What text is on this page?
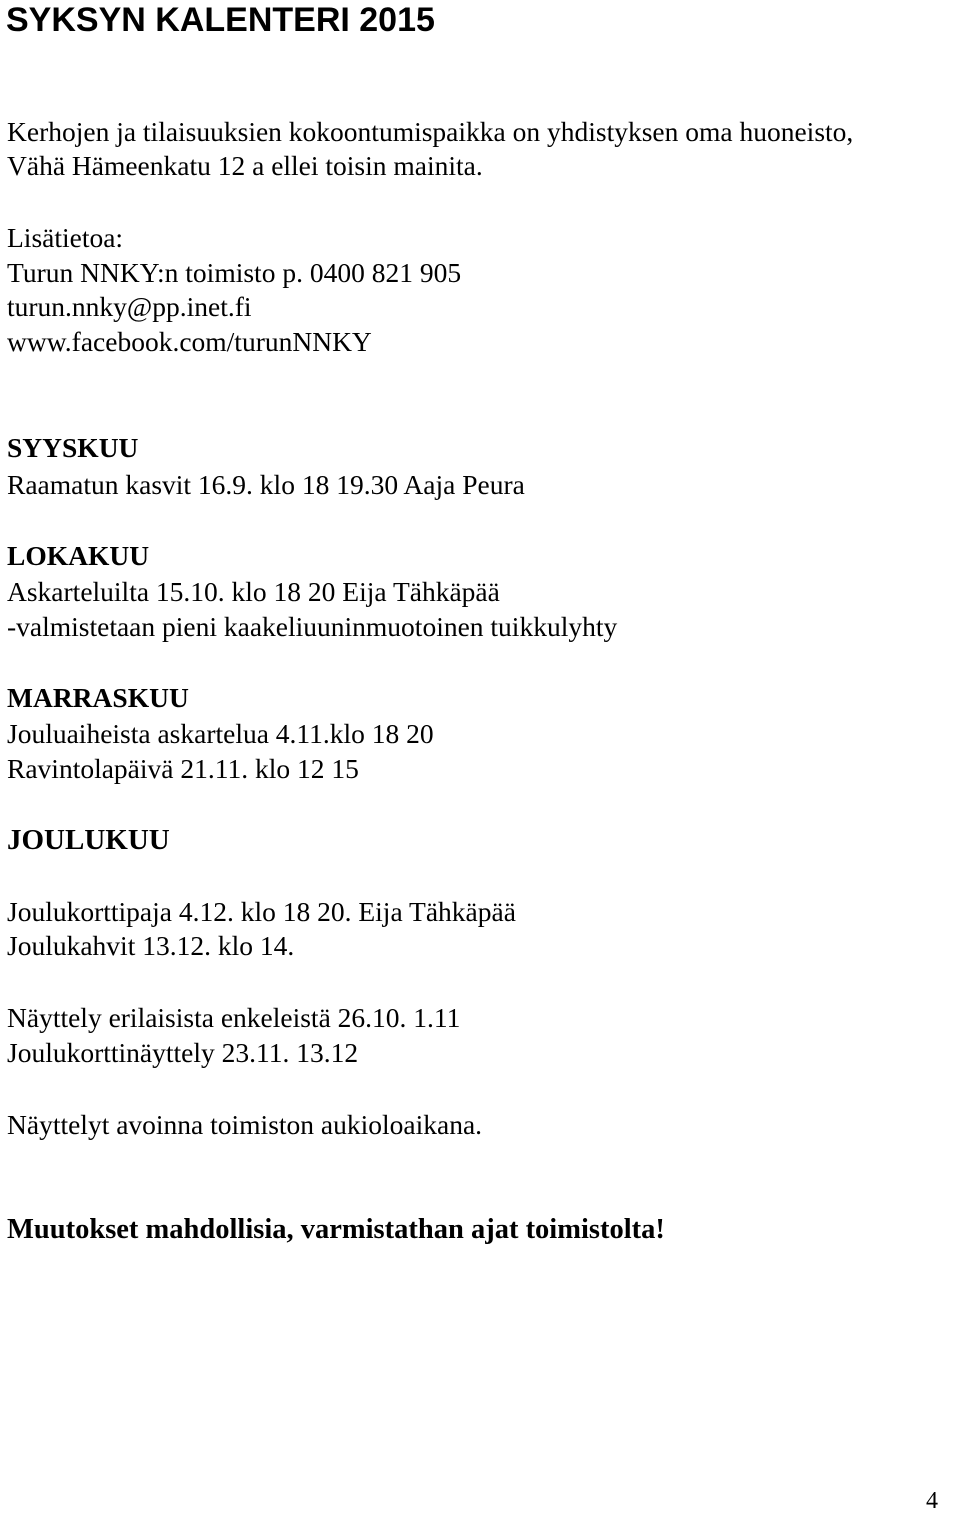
SYKSYN KALENTERI 2015
Kerhojen ja tilaisuuksien kokoontumispaikka on yhdistyksen oma huoneisto,
Vähä Hämeenkatu 12 a ellei toisin mainita.
Lisätietoa:
Turun NNKY:n toimisto p. 0400 821 905
turun.nnky@pp.inet.fi
www.facebook.com/turunNNKY
SYYSKUU
Raamatun kasvit 16.9. klo 18 19.30 Aaja Peura
LOKAKUU
Askarteluilta 15.10. klo 18 20 Eija Tähkäpää
-valmistetaan pieni kaakeliuuninmuotoinen tuikkulyhty
MARRASKUU
Jouluaiheista askartelua 4.11.klo 18 20
Ravintolapäivä 21.11. klo 12 15
JOULUKUU
Joulukorttipaja 4.12. klo 18 20. Eija Tähkäpää
Joulukahvit 13.12. klo 14.
Näyttely erilaisista enkeleistä 26.10. 1.11
Joulukorttinäyttely 23.11. 13.12
Näyttelyt avoinna toimiston aukioloaikana.
Muutokset mahdollisia, varmistathan ajat toimistolta!
4
